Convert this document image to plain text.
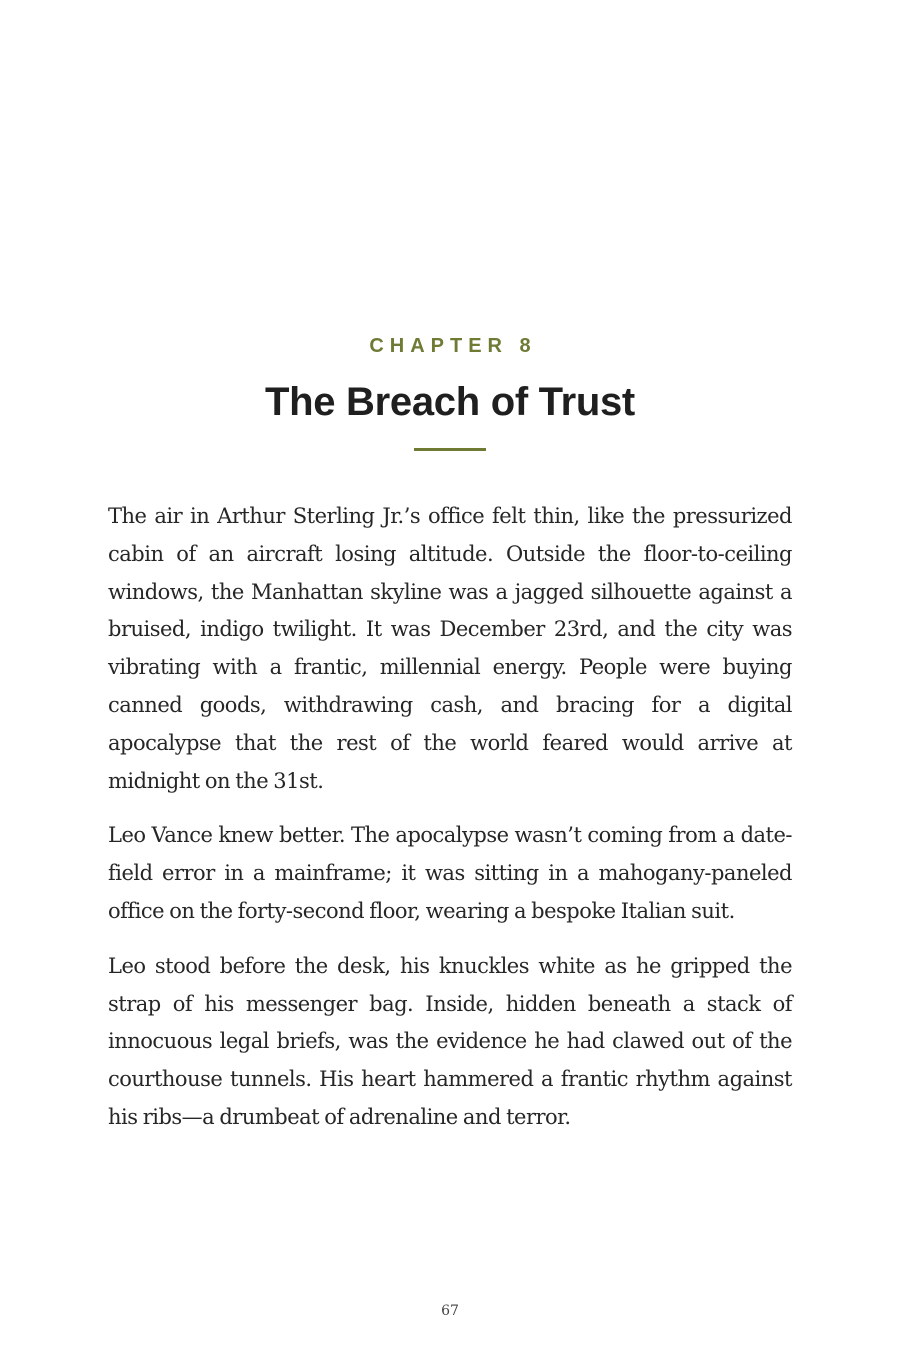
CHAPTER 8
The Breach of Trust

The air in Arthur Sterling Jr.’s office felt thin, like the pressurized cabin of an aircraft losing altitude. Outside the floor-to-ceiling windows, the Manhattan skyline was a jagged silhouette against a bruised, indigo twilight. It was December 23rd, and the city was vibrating with a frantic, millennial energy. People were buying canned goods, withdrawing cash, and bracing for a digital apocalypse that the rest of the world feared would arrive at midnight on the 31st.

Leo Vance knew better. The apocalypse wasn’t coming from a date-field error in a mainframe; it was sitting in a mahogany-paneled office on the forty-second floor, wearing a bespoke Italian suit.

Leo stood before the desk, his knuckles white as he gripped the strap of his messenger bag. Inside, hidden beneath a stack of innocuous legal briefs, was the evidence he had clawed out of the courthouse tunnels. His heart hammered a frantic rhythm against his ribs—a drumbeat of adrenaline and terror.

67
